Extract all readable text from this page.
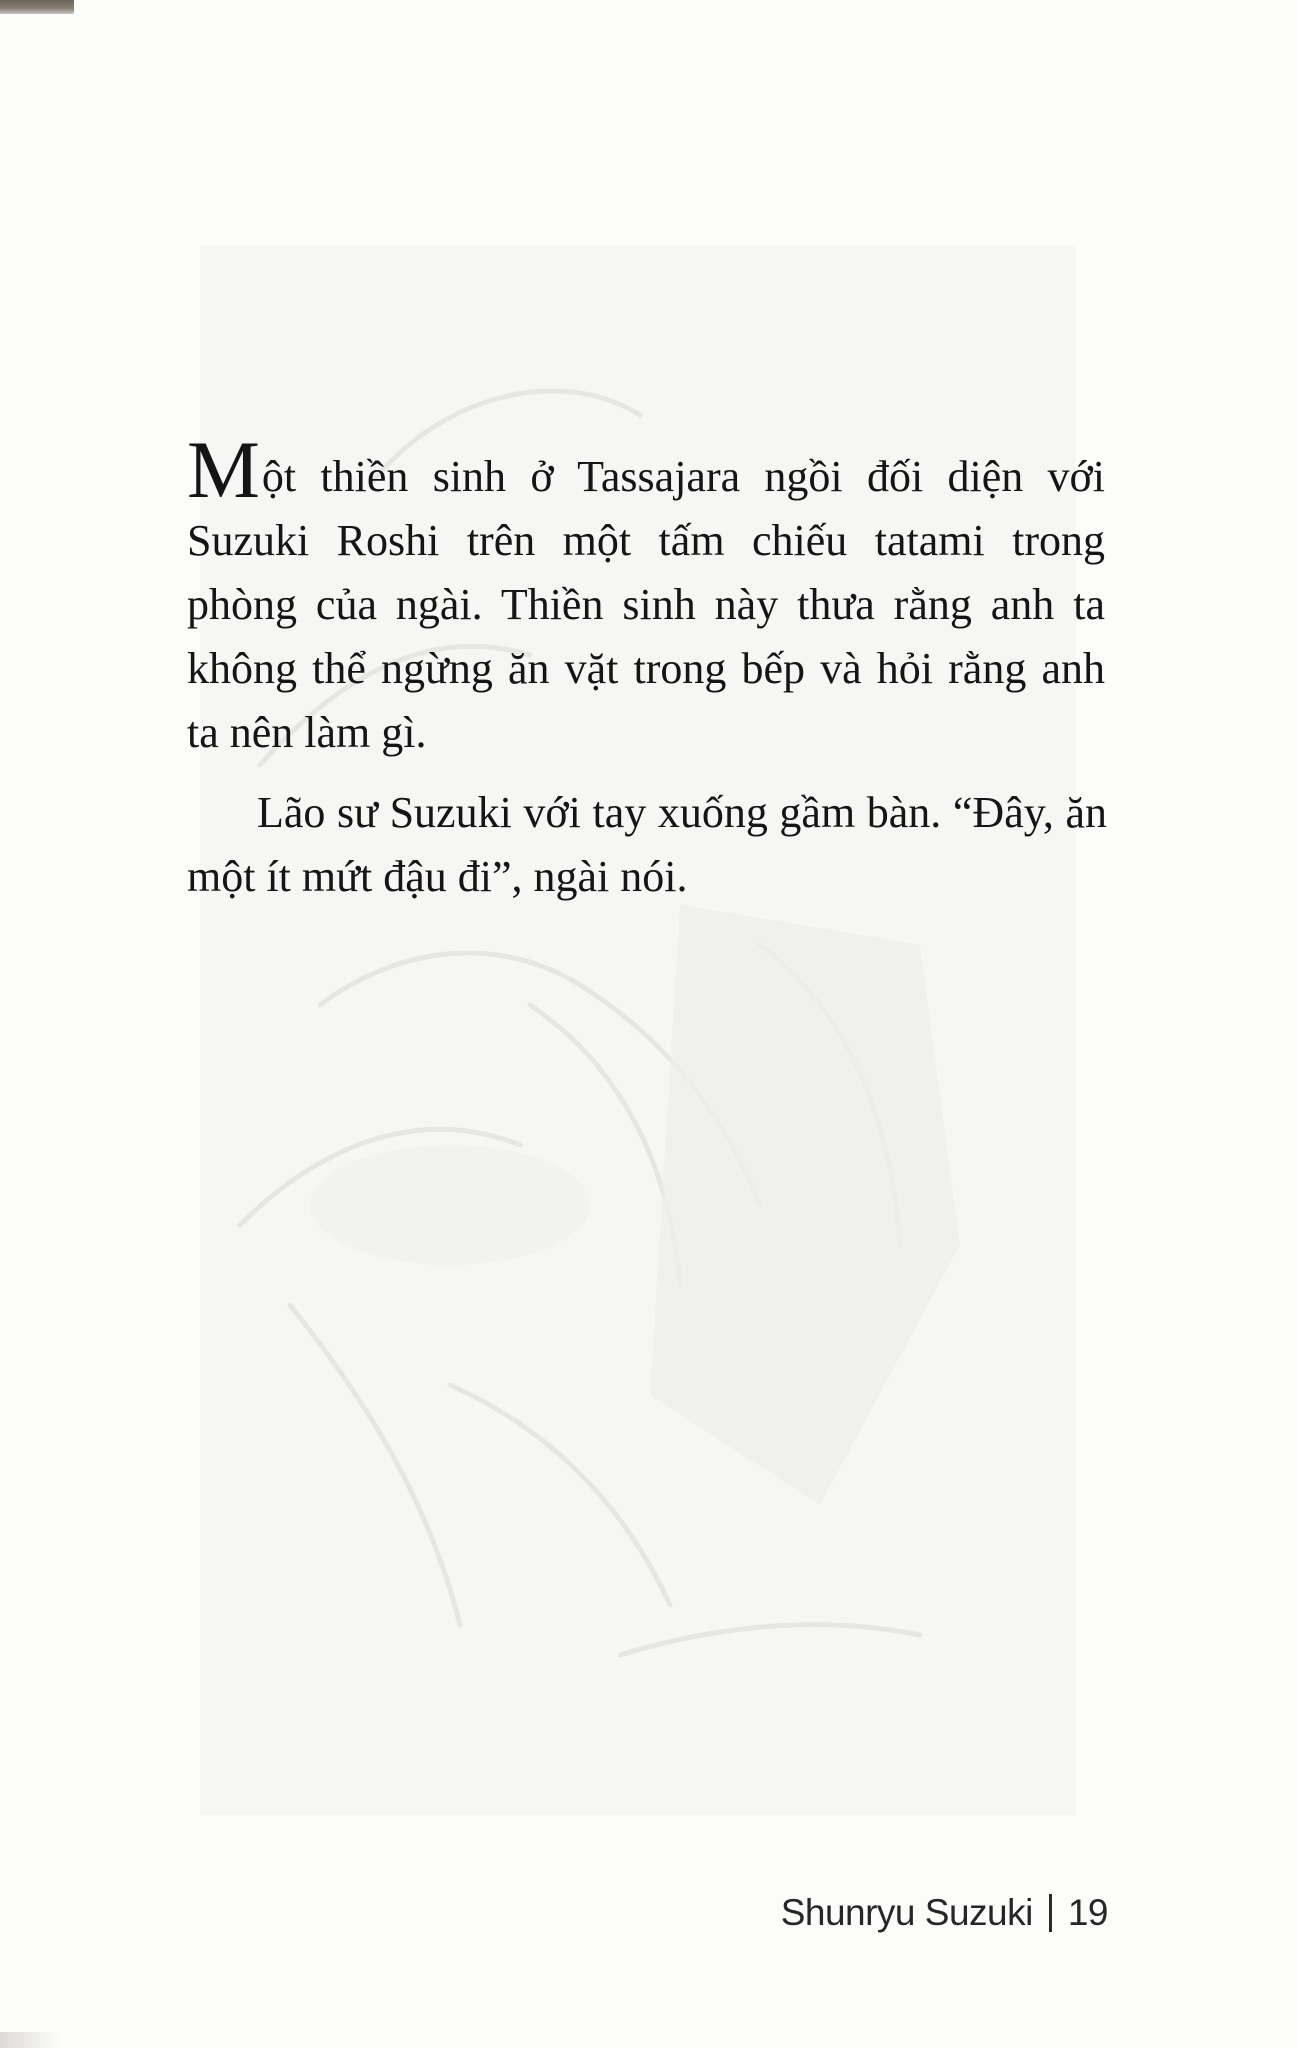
Một thiền sinh ở Tassajara ngồi đối diện với Suzuki Roshi trên một tấm chiếu tatami trong phòng của ngài. Thiền sinh này thưa rằng anh ta không thể ngừng ăn vặt trong bếp và hỏi rằng anh ta nên làm gì.

Lão sư Suzuki với tay xuống gầm bàn. “Đây, ăn một ít mứt đậu đi”, ngài nói.

Shunryu Suzuki 19
